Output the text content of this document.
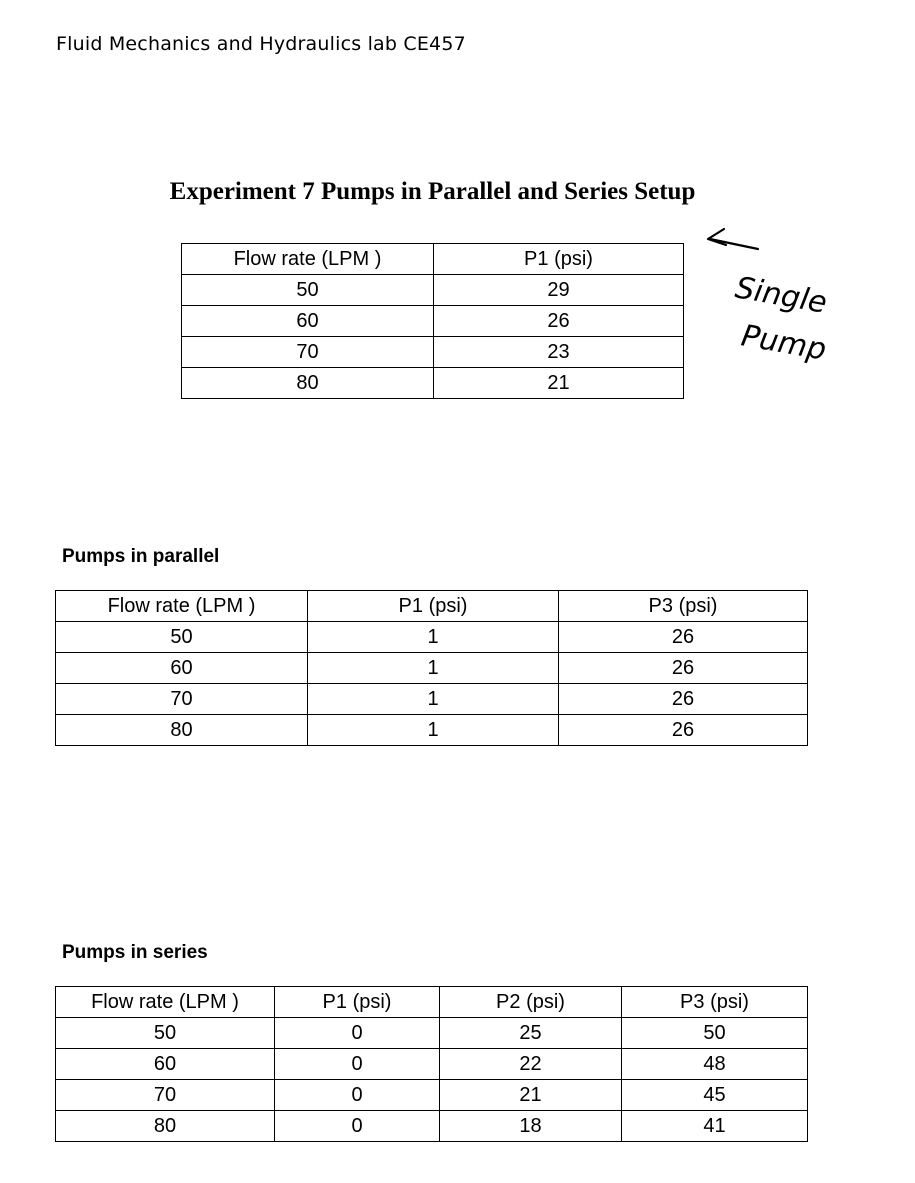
Fluid Mechanics and Hydraulics lab CE457
Experiment 7 Pumps in Parallel and Series Setup
Flow rate (LPM )	P1 (psi)
50	29
60	26
70	23
80	21
Single
Pump
Pumps in parallel
Flow rate (LPM )	P1 (psi)	P3 (psi)
50	1	26
60	1	26
70	1	26
80	1	26
Pumps in series
Flow rate (LPM )	P1 (psi)	P2 (psi)	P3 (psi)
50	0	25	50
60	0	22	48
70	0	21	45
80	0	18	41
